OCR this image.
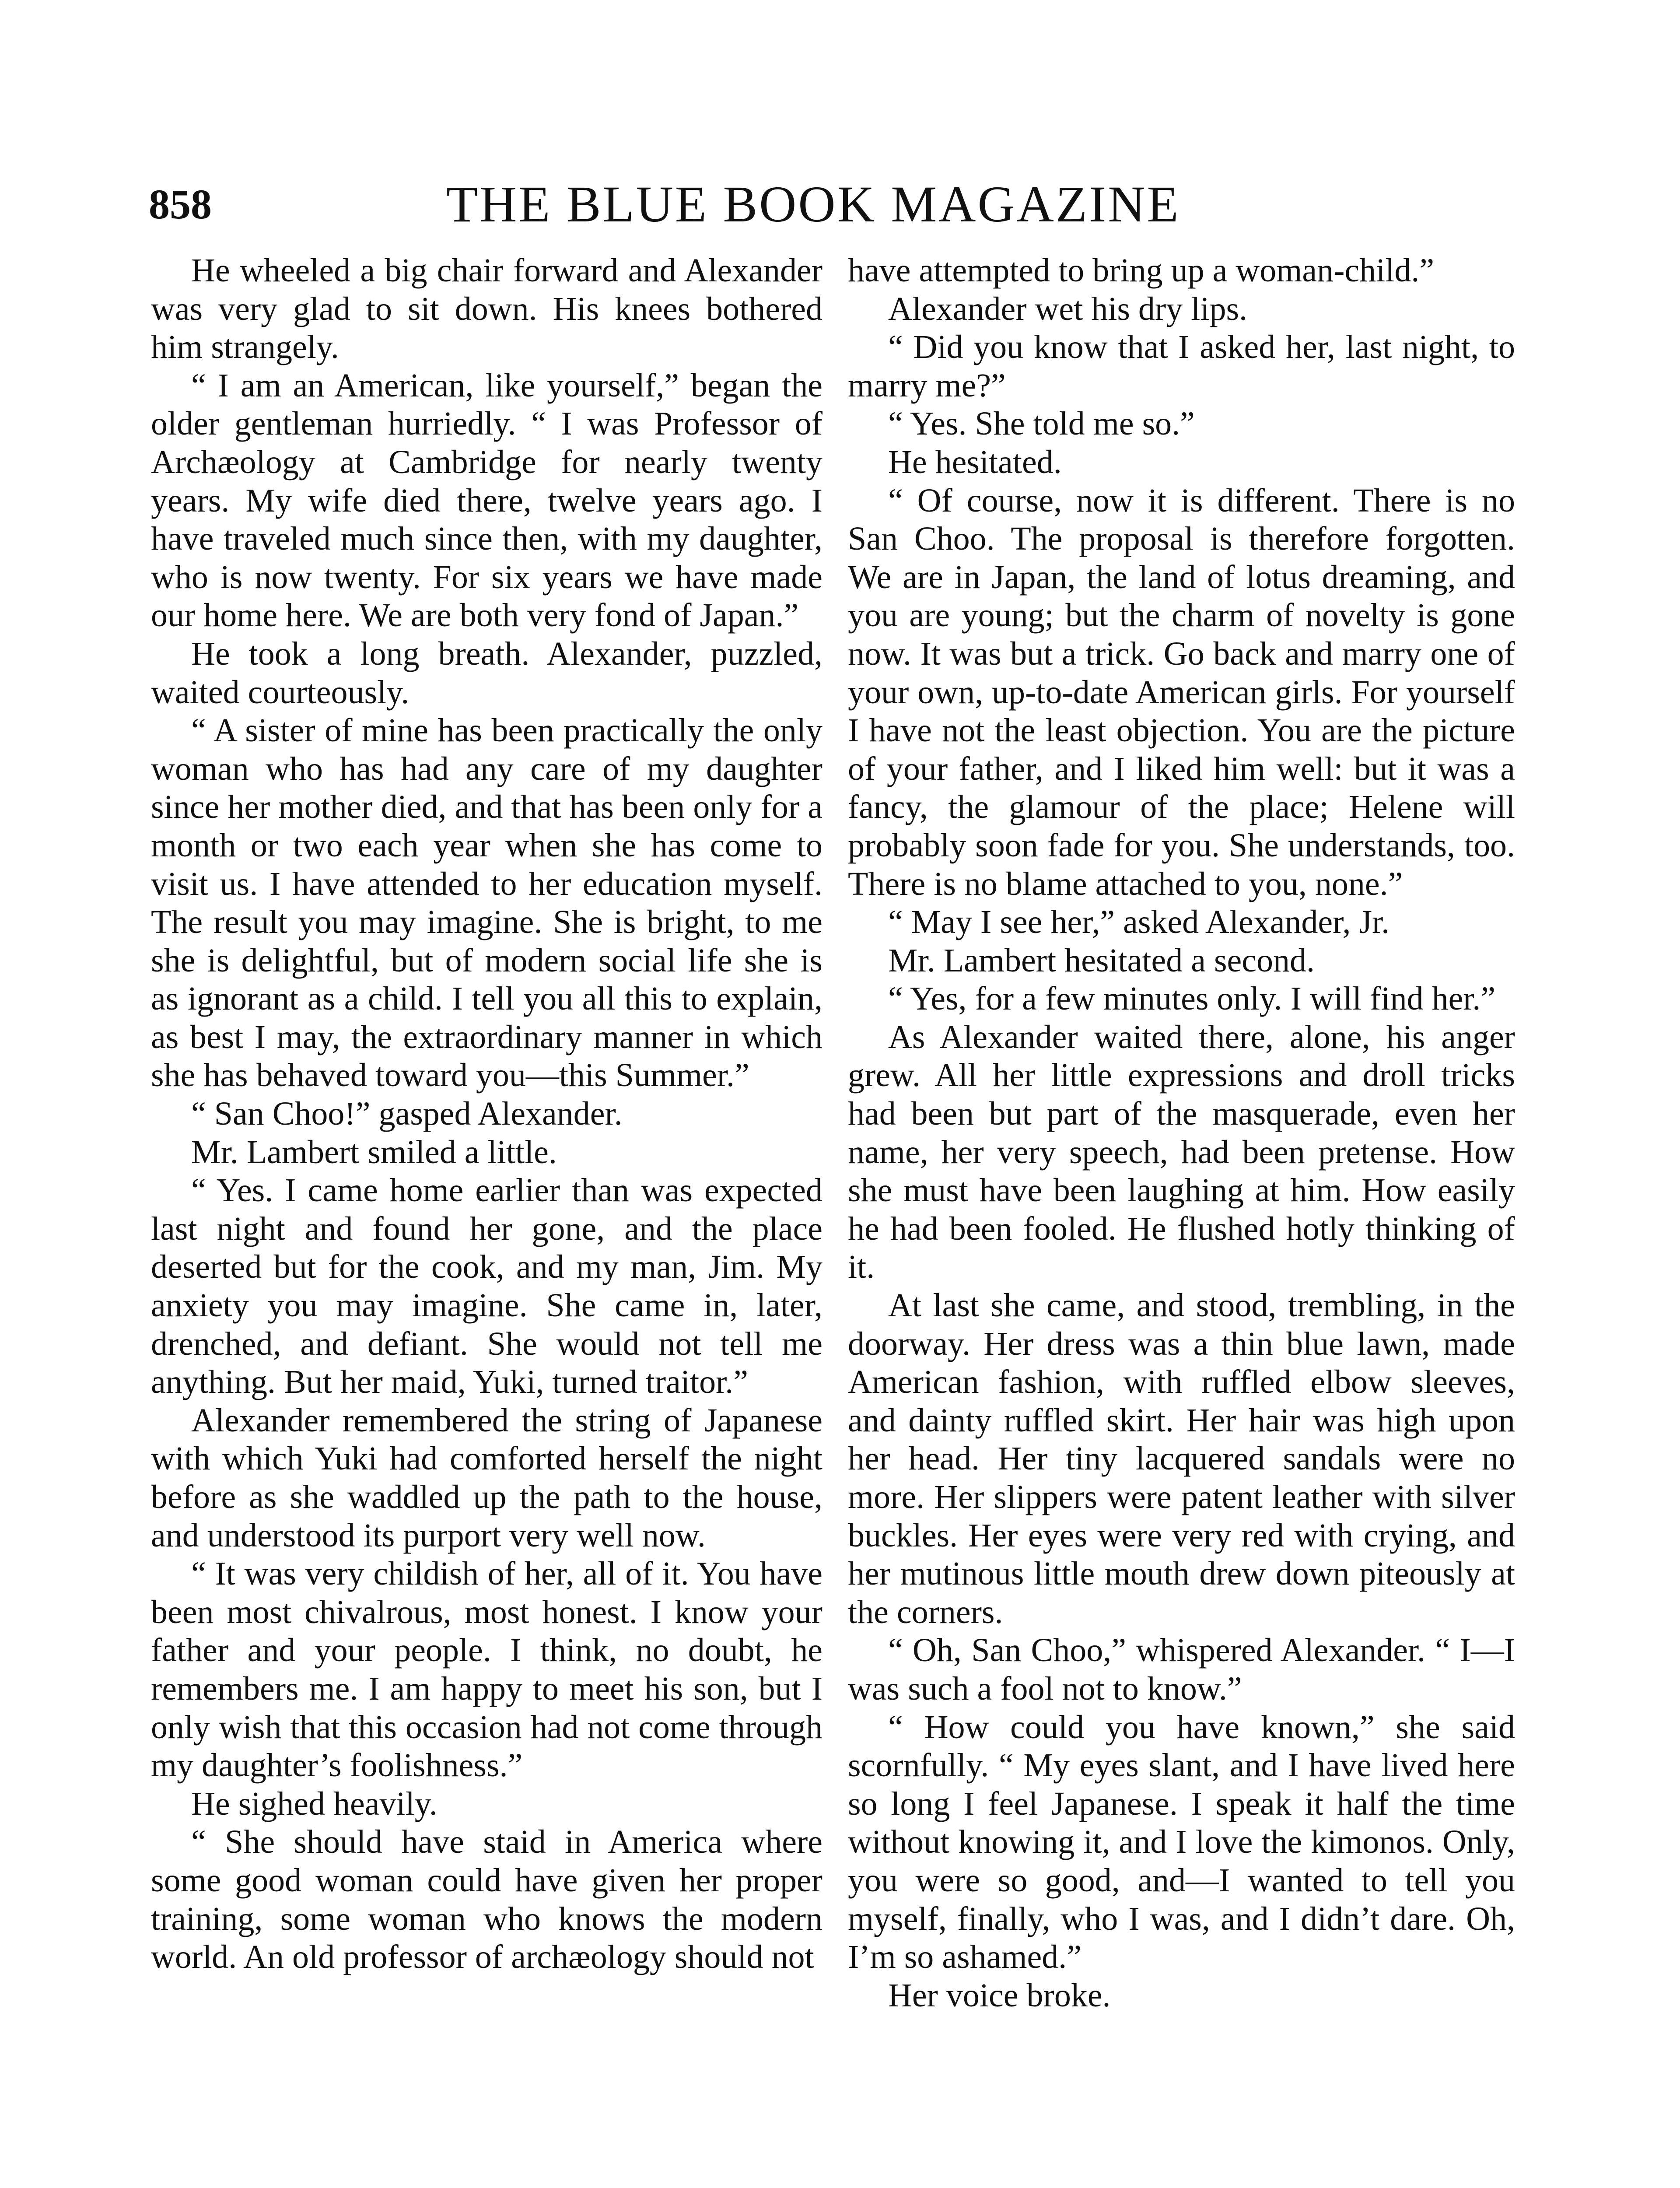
858	THE BLUE BOOK MAGAZINE

He wheeled a big chair forward and Alexander was very glad to sit down. His knees bothered him strangely.

“ I am an American, like yourself,” began the older gentleman hurriedly. “ I was Professor of Archæology at Cambridge for nearly twenty years. My wife died there, twelve years ago. I have traveled much since then, with my daughter, who is now twenty. For six years we have made our home here. We are both very fond of Japan.”

He took a long breath. Alexander, puzzled, waited courteously.

“ A sister of mine has been practically the only woman who has had any care of my daughter since her mother died, and that has been only for a month or two each year when she has come to visit us. I have attended to her education myself. The result you may imagine. She is bright, to me she is delightful, but of modern social life she is as ignorant as a child. I tell you all this to explain, as best I may, the extraordinary manner in which she has behaved toward you—this Summer.”

“ San Choo!” gasped Alexander.

Mr. Lambert smiled a little.

“ Yes. I came home earlier than was expected last night and found her gone, and the place deserted but for the cook, and my man, Jim. My anxiety you may imagine. She came in, later, drenched, and defiant. She would not tell me anything. But her maid, Yuki, turned traitor.”

Alexander remembered the string of Japanese with which Yuki had comforted herself the night before as she waddled up the path to the house, and understood its purport very well now.

“ It was very childish of her, all of it. You have been most chivalrous, most honest. I know your father and your people. I think, no doubt, he remembers me. I am happy to meet his son, but I only wish that this occasion had not come through my daughter’s foolishness.”

He sighed heavily.

“ She should have staid in America where some good woman could have given her proper training, some woman who knows the modern world. An old professor of archæology should not

have attempted to bring up a woman-child.”

Alexander wet his dry lips.

“ Did you know that I asked her, last night, to marry me?”

“ Yes. She told me so.”

He hesitated.

“ Of course, now it is different. There is no San Choo. The proposal is therefore forgotten. We are in Japan, the land of lotus dreaming, and you are young; but the charm of novelty is gone now. It was but a trick. Go back and marry one of your own, up-to-date American girls. For yourself I have not the least objection. You are the picture of your father, and I liked him well: but it was a fancy, the glamour of the place; Helene will probably soon fade for you. She understands, too. There is no blame attached to you, none.”

“ May I see her,” asked Alexander, Jr.

Mr. Lambert hesitated a second.

“ Yes, for a few minutes only. I will find her.”

As Alexander waited there, alone, his anger grew. All her little expressions and droll tricks had been but part of the masquerade, even her name, her very speech, had been pretense. How she must have been laughing at him. How easily he had been fooled. He flushed hotly thinking of it.

At last she came, and stood, trembling, in the doorway. Her dress was a thin blue lawn, made American fashion, with ruffled elbow sleeves, and dainty ruffled skirt. Her hair was high upon her head. Her tiny lacquered sandals were no more. Her slippers were patent leather with silver buckles. Her eyes were very red with crying, and her mutinous little mouth drew down piteously at the corners.

“ Oh, San Choo,” whispered Alexander. “ I—I was such a fool not to know.”

“ How could you have known,” she said scornfully. “ My eyes slant, and I have lived here so long I feel Japanese. I speak it half the time without knowing it, and I love the kimonos. Only, you were so good, and—I wanted to tell you myself, finally, who I was, and I didn’t dare. Oh, I’m so ashamed.”

Her voice broke.
